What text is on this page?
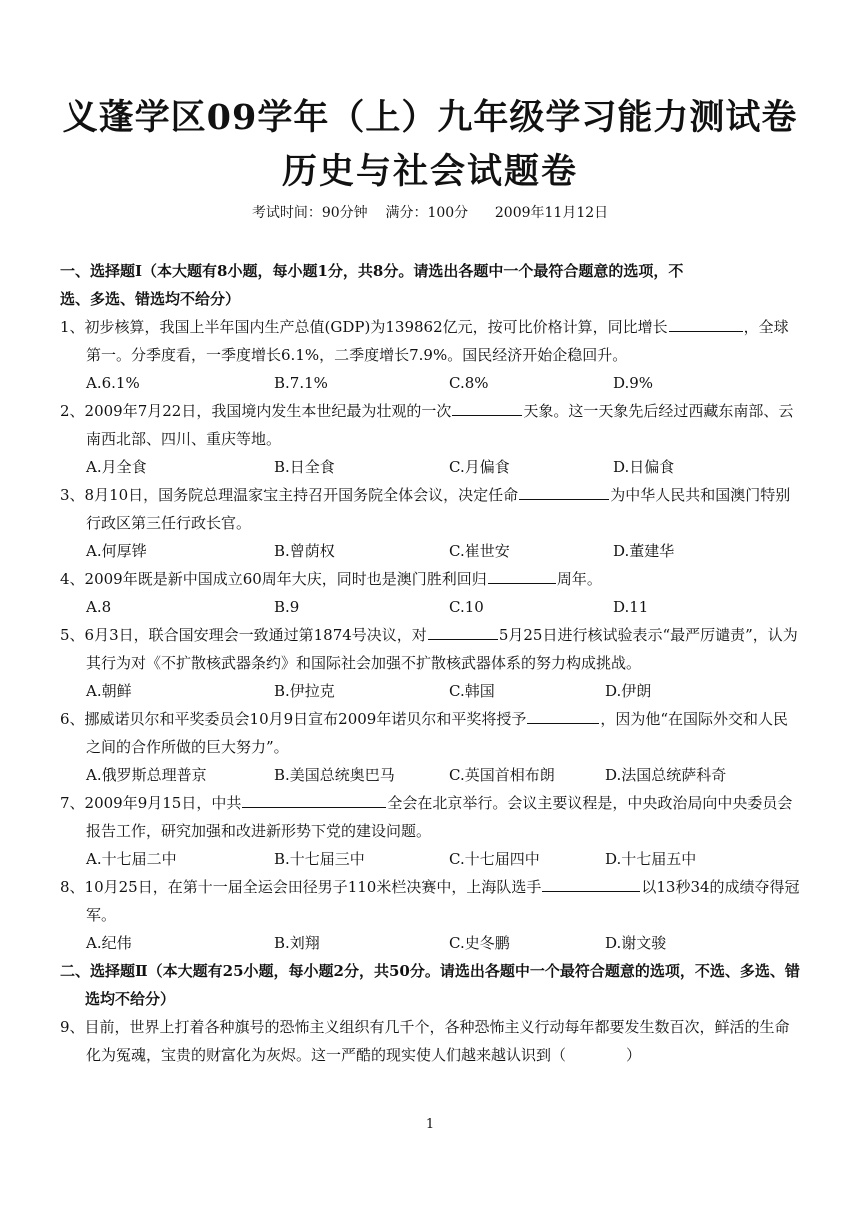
义蓬学区09学年（上）九年级学习能力测试卷
历史与社会试题卷
考试时间：90分钟    满分：100分      2009年11月12日
一、选择题Ⅰ（本大题有8小题，每小题1分，共8分。请选出各题中一个最符合题意的选项，不
选、多选、错选均不给分）
1、初步核算，我国上半年国内生产总值(GDP)为139862亿元，按可比价格计算，同比增长	，全球第一。分季度看，一季度增长6.1%，二季度增长7.9%。国民经济开始企稳回升。
A.6.1%	B.7.1%	C.8%	D.9%
2、2009年7月22日，我国境内发生本世纪最为壮观的一次	天象。这一天象先后经过西藏东南部、云南西北部、四川、重庆等地。
A.月全食	B.日全食	C.月偏食	D.日偏食
3、8月10日，国务院总理温家宝主持召开国务院全体会议，决定任命	为中华人民共和国澳门特别行政区第三任行政长官。
A.何厚铧	B.曾荫权	C.崔世安	D.董建华
4、2009年既是新中国成立60周年大庆，同时也是澳门胜利回归	周年。
A.8	B.9	C.10	D.11
5、6月3日，联合国安理会一致通过第1874号决议，对	5月25日进行核试验表示“最严厉谴责”，认为其行为对《不扩散核武器条约》和国际社会加强不扩散核武器体系的努力构成挑战。
A.朝鲜	B.伊拉克	C.韩国	D.伊朗
6、挪威诺贝尔和平奖委员会10月9日宣布2009年诺贝尔和平奖将授予	，因为他“在国际外交和人民之间的合作所做的巨大努力”。
A.俄罗斯总理普京	B.美国总统奥巴马	C.英国首相布朗	D.法国总统萨科奇
7、2009年9月15日，中共	全会在北京举行。会议主要议程是，中央政治局向中央委员会报告工作，研究加强和改进新形势下党的建设问题。
A.十七届二中	B.十七届三中	C.十七届四中	D.十七届五中
8、10月25日，在第十一届全运会田径男子110米栏决赛中，上海队选手	以13秒34的成绩夺得冠军。
A.纪伟	B.刘翔	C.史冬鹏	D.谢文骏
二、选择题Ⅱ（本大题有25小题，每小题2分，共50分。请选出各题中一个最符合题意的选项，不选、多选、错选均不给分）
9、目前，世界上打着各种旗号的恐怖主义组织有几千个，各种恐怖主义行动每年都要发生数百次，鲜活的生命化为冤魂，宝贵的财富化为灰烬。这一严酷的现实使人们越来越认识到（　　　　）
1
